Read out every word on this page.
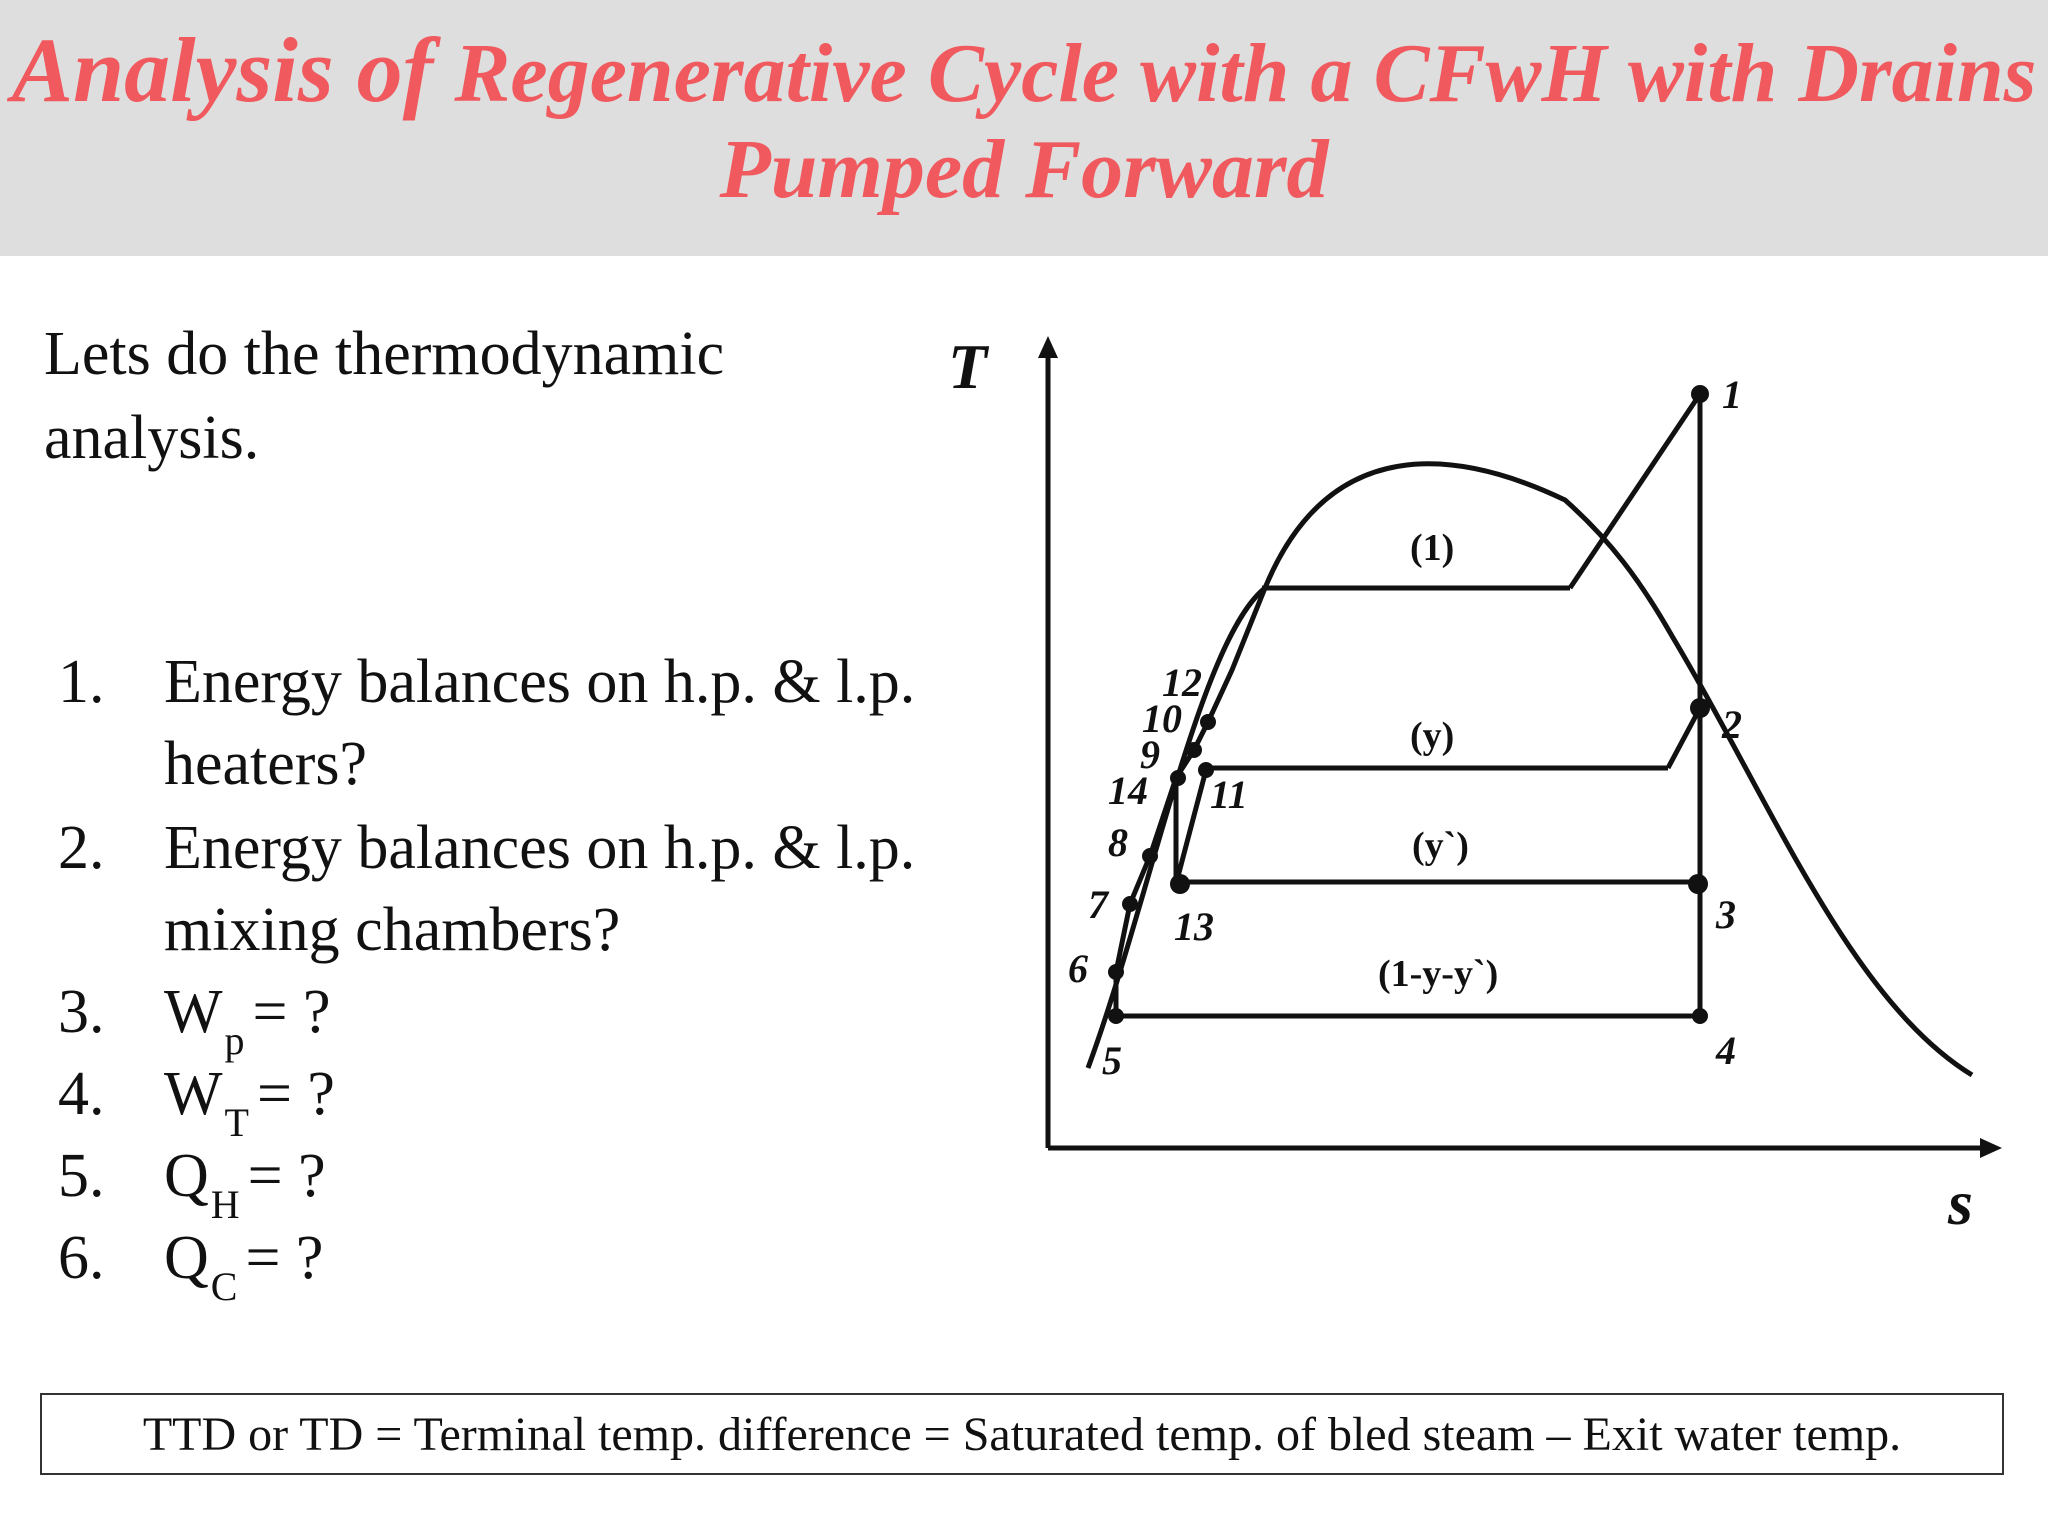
Analysis of Regenerative Cycle with a CFwH with Drains
Pumped Forward
Lets do the thermodynamic analysis.
1. Energy balances on h.p. & l.p.
heaters?
2. Energy balances on h.p. & l.p.
mixing chambers?
3. $W_p$ = ?
4. $W_T$ = ?
5. $Q_H$ = ?
6. $Q_C$ = ?
T
s
1
2
3
4
5
6
7
8
9
10
11
12
13
14
(1)
(y)
(y`)
(1-y-y`)
TTD or TD = Terminal temp. difference = Saturated temp. of bled steam – Exit water temp.
